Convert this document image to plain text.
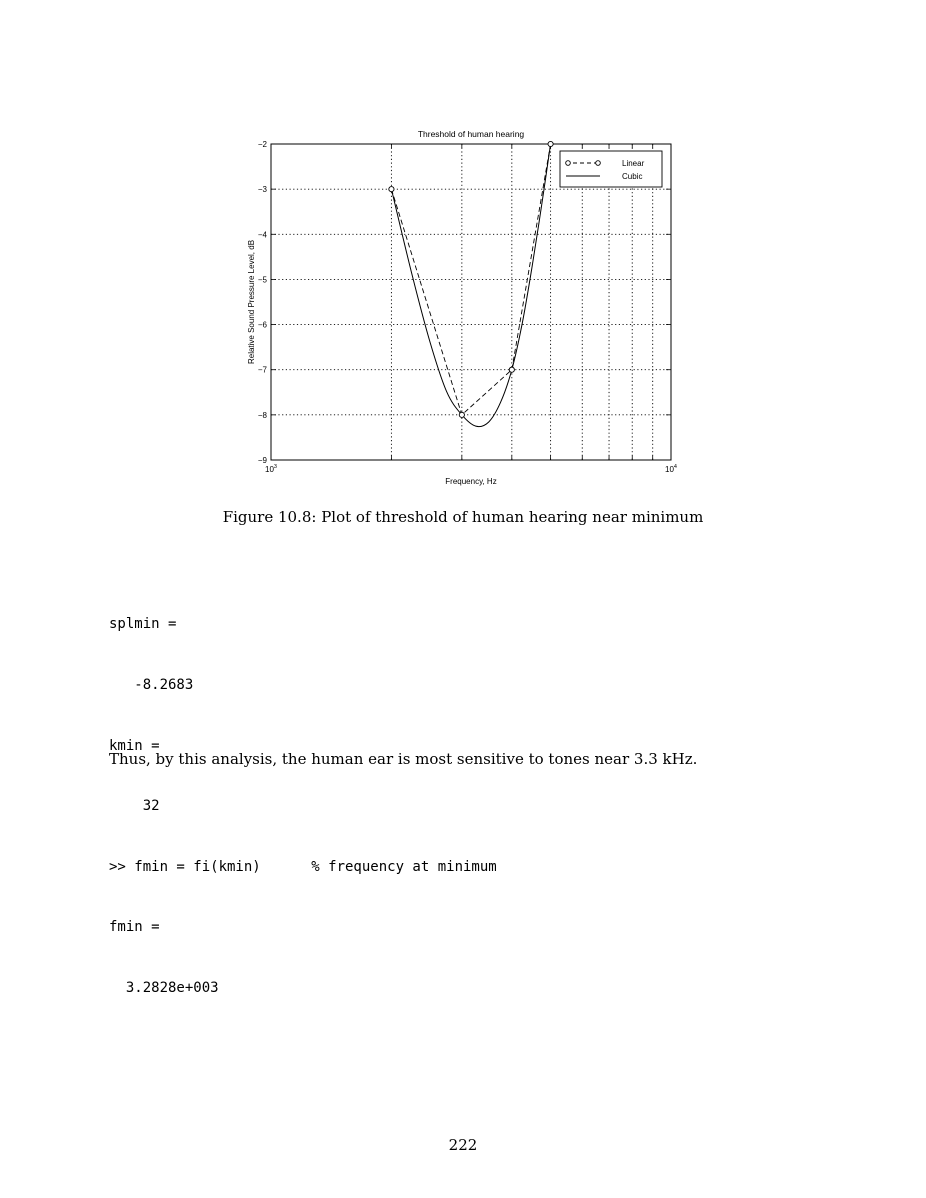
−2
−3
−4
−5
−6
−7
−8
−9
$10^3$	$10^4$
Threshold of human hearing
Frequency, Hz
Relative Sound Pressure Level, dB
Linear
Cubic
Figure 10.8: Plot of threshold of human hearing near minimum

splmin =

-8.2683

kmin =

32

>> fmin = fi(kmin)      % frequency at minimum

fmin =

3.2828e+003

Thus, by this analysis, the human ear is most sensitive to tones near 3.3 kHz.
222
